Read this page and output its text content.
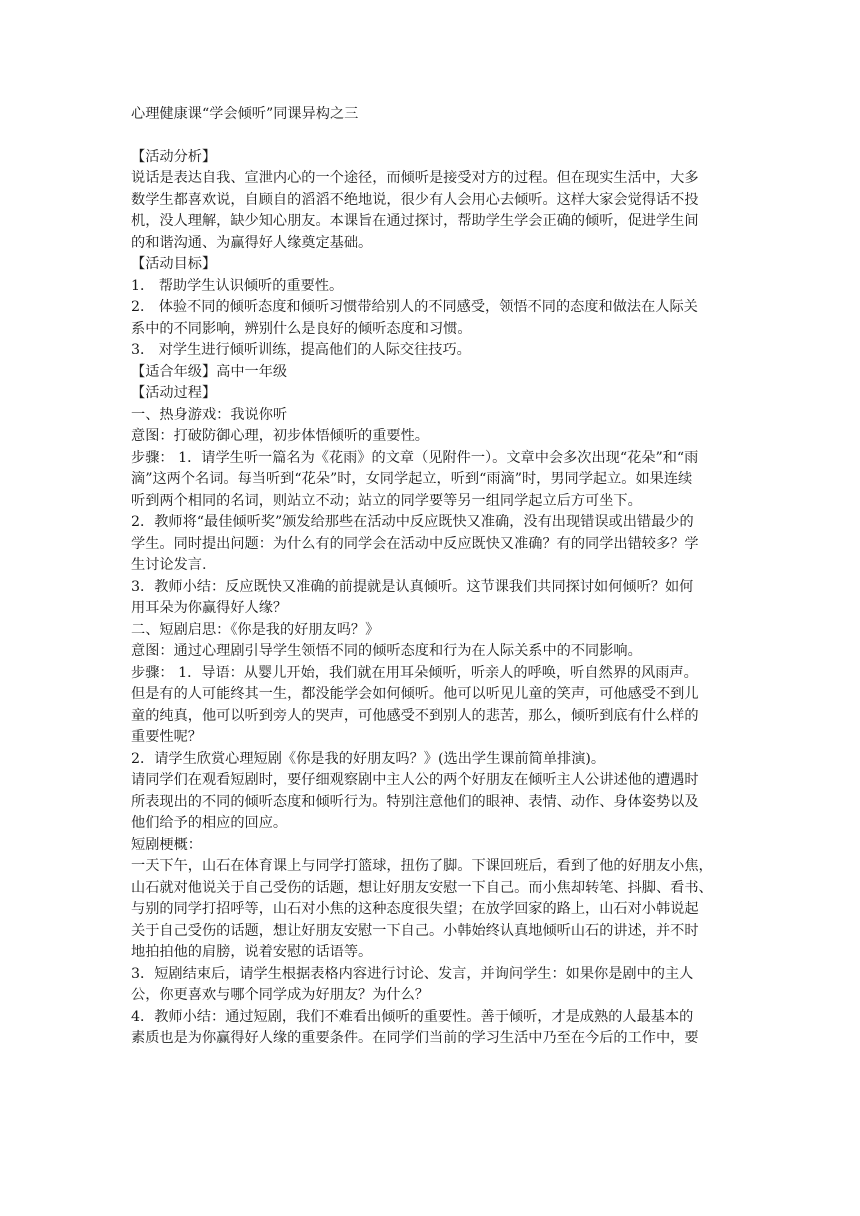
心理健康课“学会倾听”同课异构之三
【活动分析】
说话是表达自我、宣泄内心的一个途径，而倾听是接受对方的过程。但在现实生活中，大多
数学生都喜欢说，自顾自的滔滔不绝地说，很少有人会用心去倾听。这样大家会觉得话不投
机，没人理解，缺少知心朋友。本课旨在通过探讨，帮助学生学会正确的倾听，促进学生间
的和谐沟通、为赢得好人缘奠定基础。
【活动目标】
1． 帮助学生认识倾听的重要性。
2． 体验不同的倾听态度和倾听习惯带给别人的不同感受，领悟不同的态度和做法在人际关
系中的不同影响，辨别什么是良好的倾听态度和习惯。
3． 对学生进行倾听训练，提高他们的人际交往技巧。
【适合年级】高中一年级
【活动过程】
一、热身游戏：我说你听
意图：打破防御心理，初步体悟倾听的重要性。
步骤： 1．请学生听一篇名为《花雨》的文章（见附件一）。文章中会多次出现“花朵”和“雨
滴”这两个名词。每当听到“花朵”时，女同学起立，听到“雨滴”时，男同学起立。如果连续
听到两个相同的名词，则站立不动；站立的同学要等另一组同学起立后方可坐下。
2．教师将“最佳倾听奖”颁发给那些在活动中反应既快又准确，没有出现错误或出错最少的
学生。同时提出问题：为什么有的同学会在活动中反应既快又准确？有的同学出错较多？学
生讨论发言.
3．教师小结：反应既快又准确的前提就是认真倾听。这节课我们共同探讨如何倾听？如何
用耳朵为你赢得好人缘？
二、短剧启思：《你是我的好朋友吗？》
意图：通过心理剧引导学生领悟不同的倾听态度和行为在人际关系中的不同影响。
步骤： 1．导语：从婴儿开始，我们就在用耳朵倾听，听亲人的呼唤，听自然界的风雨声。
但是有的人可能终其一生，都没能学会如何倾听。他可以听见儿童的笑声，可他感受不到儿
童的纯真，他可以听到旁人的哭声，可他感受不到别人的悲苦，那么，倾听到底有什么样的
重要性呢？
2．请学生欣赏心理短剧《你是我的好朋友吗？》(选出学生课前简单排演)。
请同学们在观看短剧时，要仔细观察剧中主人公的两个好朋友在倾听主人公讲述他的遭遇时
所表现出的不同的倾听态度和倾听行为。特别注意他们的眼神、表情、动作、身体姿势以及
他们给予的相应的回应。
短剧梗概：
一天下午，山石在体育课上与同学打篮球，扭伤了脚。下课回班后，看到了他的好朋友小焦，
山石就对他说关于自己受伤的话题，想让好朋友安慰一下自己。而小焦却转笔、抖脚、看书、
与别的同学打招呼等，山石对小焦的这种态度很失望；在放学回家的路上，山石对小韩说起
关于自己受伤的话题，想让好朋友安慰一下自己。小韩始终认真地倾听山石的讲述，并不时
地拍拍他的肩膀，说着安慰的话语等。
3．短剧结束后，请学生根据表格内容进行讨论、发言，并询问学生：如果你是剧中的主人
公，你更喜欢与哪个同学成为好朋友？为什么？
4．教师小结：通过短剧，我们不难看出倾听的重要性。善于倾听，才是成熟的人最基本的
素质也是为你赢得好人缘的重要条件。在同学们当前的学习生活中乃至在今后的工作中，要
